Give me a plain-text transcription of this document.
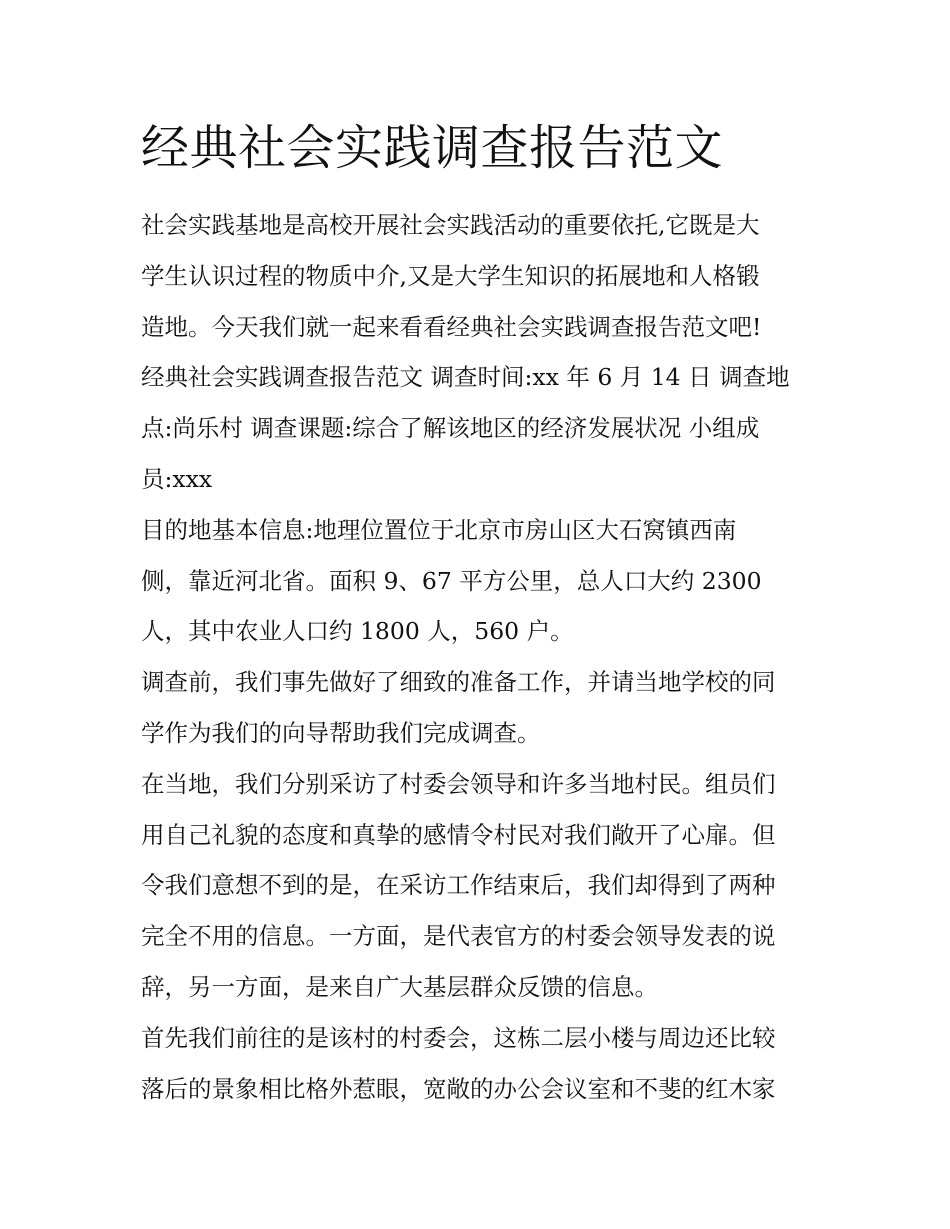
经典社会实践调查报告范文

社会实践基地是高校开展社会实践活动的重要依托,它既是大
学生认识过程的物质中介,又是大学生知识的拓展地和人格锻
造地。今天我们就一起来看看经典社会实践调查报告范文吧!
经典社会实践调查报告范文 调查时间:xx 年 6 月 14 日 调查地
点:尚乐村 调查课题:综合了解该地区的经济发展状况 小组成
员:xxx

目的地基本信息:地理位置位于北京市房山区大石窝镇西南
侧，靠近河北省。面积 9、67 平方公里，总人口大约 2300
人，其中农业人口约 1800 人，560 户。

调查前，我们事先做好了细致的准备工作，并请当地学校的同
学作为我们的向导帮助我们完成调查。

在当地，我们分别采访了村委会领导和许多当地村民。组员们
用自己礼貌的态度和真挚的感情令村民对我们敞开了心扉。但
令我们意想不到的是，在采访工作结束后，我们却得到了两种
完全不用的信息。一方面，是代表官方的村委会领导发表的说
辞，另一方面，是来自广大基层群众反馈的信息。

首先我们前往的是该村的村委会，这栋二层小楼与周边还比较
落后的景象相比格外惹眼，宽敞的办公会议室和不斐的红木家
